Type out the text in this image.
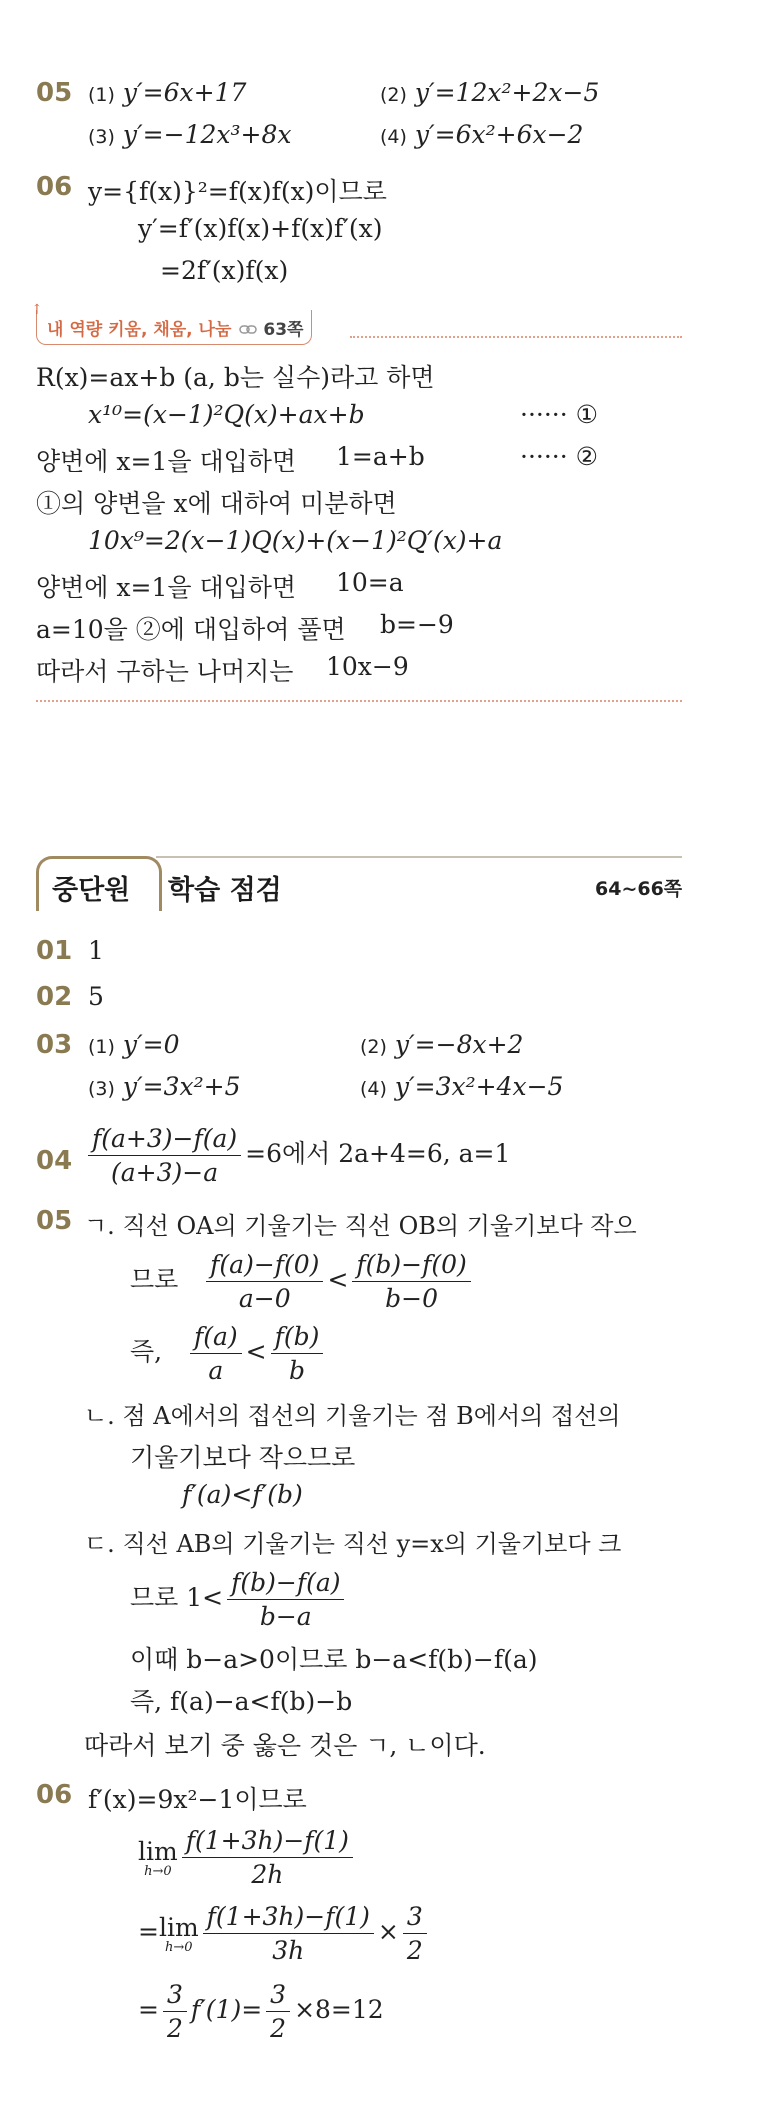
05 (1) y′=6x+17	(2) y′=12x²+2x−5
(3) y′=−12x³+8x	(4) y′=6x²+6x−2
06 y={f(x)}²=f(x)f(x)이므로
y′=f′(x)f(x)+f(x)f′(x)
=2f′(x)f(x)
↑
내 역량 키움, 채움, 나눔	63쪽
R(x)=ax+b (a, b는 실수)라고 하면
x¹⁰=(x−1)²Q(x)+ax+b	······ ①
양변에 x=1을 대입하면 1=a+b	······ ②
①의 양변을 x에 대하여 미분하면
10x⁹=2(x−1)Q(x)+(x−1)²Q′(x)+a
양변에 x=1을 대입하면 10=a
a=10을 ②에 대입하여 풀면 b=−9
따라서 구하는 나머지는 10x−9
중단원 학습 점검	64~66쪽
01 1
02 5
03 (1) y′=0	(2) y′=−8x+2
(3) y′=3x²+5	(4) y′=3x²+4x−5
$04 \frac{f(a+3)-f(a)}{(a+3)-a} =6$에서 2a+4=6, a=1
05 ㄱ. 직선 OA의 기울기는 직선 OB의 기울기보다 작으
므로 $\frac{f(a)-f(0)}{a-0} < \frac{f(b)-f(0)}{b-0}$
즉, $\frac{f(a)}{a} < \frac{f(b)}{b}$
ㄴ. 점 A에서의 접선의 기울기는 점 B에서의 접선의
기울기보다 작으므로
f′(a)<f′(b)
ㄷ. 직선 AB의 기울기는 직선 y=x의 기울기보다 크
므로 $1< \frac{f(b)-f(a)}{b-a}$
이때 b−a>0이므로 b−a<f(b)−f(a)
즉, f(a)−a<f(b)−b
따라서 보기 중 옳은 것은 ㄱ, ㄴ이다.
06 f′(x)=9x²−1이므로
lim
$h\to 0 \frac{f(1+3h)-f(1)}{2h}$
= lim
$h\to 0 \frac{f(1+3h)-f(1)}{3h} \times \frac{3}{2}$
= $\frac{3}{2} f'(1)= \frac{3}{2} \times 8=12$
